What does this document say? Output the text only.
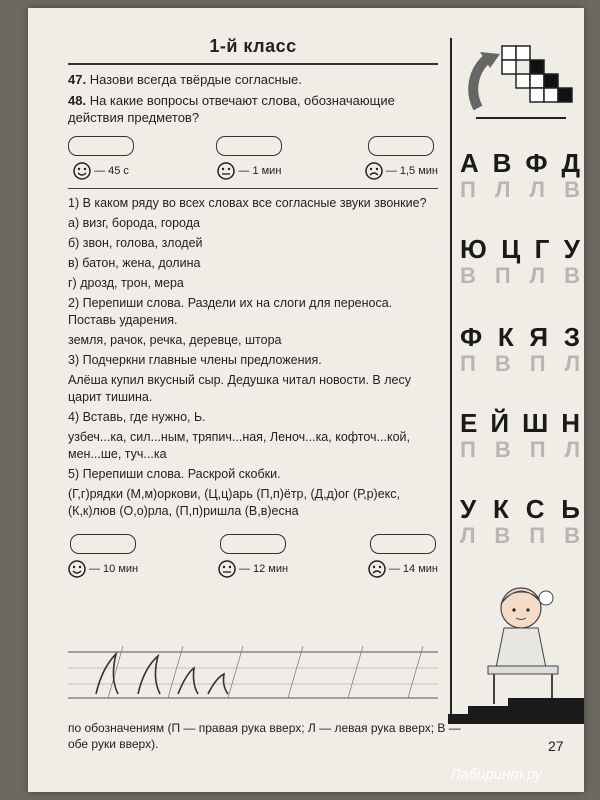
1-й класс
47. Назови всегда твёрдые согласные.
48. На какие вопросы отвечают слова, обозначающие действия предметов?
— 45 с	— 1 мин	— 1,5 мин
1) В каком ряду во всех словах все согласные звуки звонкие?
а) визг, борода, города
б) звон, голова, злодей
в) батон, жена, долина
г) дрозд, трон, мера
2) Перепиши слова. Раздели их на слоги для переноса. Поставь ударения.
земля, рачок, речка, деревце, штора
3) Подчеркни главные члены предложения.
Алёша купил вкусный сыр. Дедушка читал новости. В лесу царит тишина.
4) Вставь, где нужно, Ь.
узбеч...ка, сил...ным, тряпич...ная, Леноч...ка, кофточ...кой, мен...ше, туч...ка
5) Перепиши слова. Раскрой скобки.
(Г,г)рядки (М,м)оркови, (Ц,ц)арь (П,п)ётр, (Д,д)ог (Р,р)екс, (К,к)люв (О,о)рла, (П,п)ришла (В,в)есна
— 10 мин	— 12 мин	— 14 мин
А В Ф Д
П Л Л В
Ю Ц Г У
В П Л В
Ф К Я З
П В П Л
Е Й Ш Н
П В П Л
У К С Ь
Л В П В
по обозначениям (П — правая рука вверх; Л — левая рука вверх; В — обе руки вверх).	27
Лабиринт.ру
